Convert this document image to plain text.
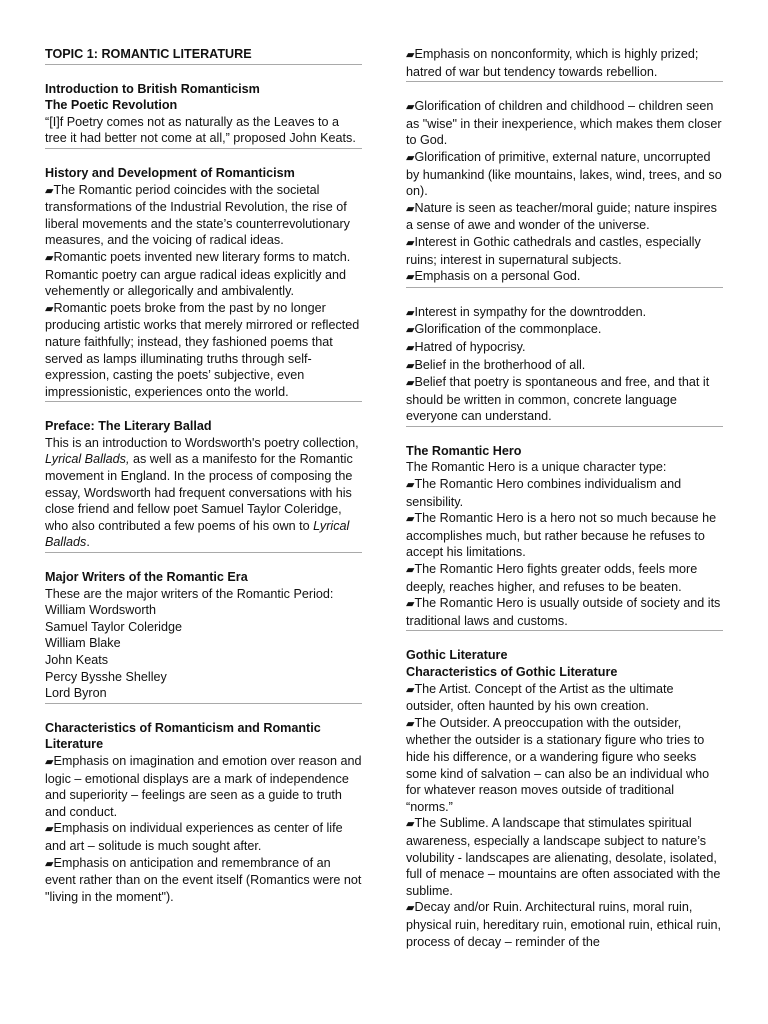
TOPIC 1: ROMANTIC LITERATURE
Introduction to British Romanticism
The Poetic Revolution

“[I]f Poetry comes not as naturally as the Leaves to a tree it had better not come at all,” proposed John Keats.

History and Development of Romanticism

▰ The Romantic period coincides with the societal transformations of the Industrial Revolution, the rise of liberal movements and the state’s counterrevolutionary measures, and the voicing of radical ideas.

▰ Romantic poets invented new literary forms to match. Romantic poetry can argue radical ideas explicitly and vehemently or allegorically and ambivalently.

▰ Romantic poets broke from the past by no longer producing artistic works that merely mirrored or reflected nature faithfully; instead, they fashioned poems that served as lamps illuminating truths through self-expression, casting the poets’ subjective, even impressionistic, experiences onto the world.

Preface: The Literary Ballad

This is an introduction to Wordsworth's poetry collection, Lyrical Ballads, as well as a manifesto for the Romantic movement in England. In the process of composing the essay, Wordsworth had frequent conversations with his close friend and fellow poet Samuel Taylor Coleridge, who also contributed a few poems of his own to Lyrical Ballads.

Major Writers of the Romantic Era

These are the major writers of the Romantic Period:

William Wordsworth

Samuel Taylor Coleridge

William Blake

John Keats

Percy Bysshe Shelley

Lord Byron

Characteristics of Romanticism and Romantic Literature

▰ Emphasis on imagination and emotion over reason and logic – emotional displays are a mark of independence and superiority – feelings are seen as a guide to truth and conduct.

▰ Emphasis on individual experiences as center of life and art – solitude is much sought after.

▰ Emphasis on anticipation and remembrance of an event rather than on the event itself (Romantics were not "living in the moment").

▰ Emphasis on nonconformity, which is highly prized; hatred of war but tendency towards rebellion.

▰ Glorification of children and childhood – children seen as "wise" in their inexperience, which makes them closer to God.

▰ Glorification of primitive, external nature, uncorrupted by humankind (like mountains, lakes, wind, trees, and so on).

▰ Nature is seen as teacher/moral guide; nature inspires a sense of awe and wonder of the universe.

▰ Interest in Gothic cathedrals and castles, especially ruins; interest in supernatural subjects.

▰ Emphasis on a personal God.

▰ Interest in sympathy for the downtrodden.

▰ Glorification of the commonplace.

▰ Hatred of hypocrisy.

▰ Belief in the brotherhood of all.

▰ Belief that poetry is spontaneous and free, and that it should be written in common, concrete language everyone can understand.

The Romantic Hero

The Romantic Hero is a unique character type:

▰ The Romantic Hero combines individualism and sensibility.

▰ The Romantic Hero is a hero not so much because he accomplishes much, but rather because he refuses to accept his limitations.

▰ The Romantic Hero fights greater odds, feels more deeply, reaches higher, and refuses to be beaten.

▰ The Romantic Hero is usually outside of society and its traditional laws and customs.

Gothic Literature
Characteristics of Gothic Literature

▰ The Artist. Concept of the Artist as the ultimate outsider, often haunted by his own creation.

▰ The Outsider. A preoccupation with the outsider, whether the outsider is a stationary figure who tries to hide his difference, or a wandering figure who seeks some kind of salvation – can also be an individual who for whatever reason moves outside of traditional “norms.”

▰ The Sublime. A landscape that stimulates spiritual awareness, especially a landscape subject to nature’s volubility - landscapes are alienating, desolate, isolated, full of menace – mountains are often associated with the sublime.

▰ Decay and/or Ruin. Architectural ruins, moral ruin, physical ruin, hereditary ruin, emotional ruin, ethical ruin, process of decay – reminder of the
